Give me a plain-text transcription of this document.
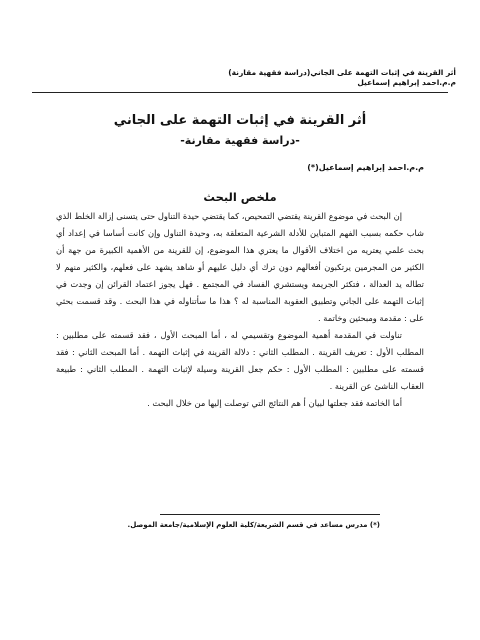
أثر القرينة في إثبات التهمة على الجاني(دراسة فقهية مقارنة)
م.م.احمد إبراهيم إسماعيل
أثر القرينة في إثبات التهمة على الجاني
-دراسة فقهية مقارنة-
م.م.احمد إبراهيم إسماعيل(*)
ملخص البحث

إن البحث في موضوع القرينة يقتضي التمحيص، كما يقتضي حيدة التناول حتى يتسنى إزالة الخلط الذي شاب حكمه بسبب الفهم المتباين للأدلة الشرعية المتعلقة به، وحيدة التناول وإن كانت أساسا في إعداد أي بحث علمي يعتريه من اختلاف الأقوال ما يعتري هذا الموضوع، إن للقرينة من الأهمية الكبيرة من جهة أن الكثير من المجرمين يرتكبون أفعالهم دون ترك أي دليل عليهم أو شاهد يشهد على فعلهم، والكثير منهم لا تطاله يد العدالة ، فتكثر الجريمة ويستشري الفساد في المجتمع . فهل يجوز اعتماد القرائن إن وجدت في إثبات التهمة على الجاني وتطبيق العقوبة المناسبة له ؟ هذا ما سأتناوله في هذا البحث . وقد قسمت بحثي على : مقدمة ومبحثين وخاتمة .

تناولت في المقدمة أهمية الموضوع وتقسيمي له ، أما المبحث الأول ، فقد قسمته على مطلبين : المطلب الأول : تعريف القرينة . المطلب الثاني : دلالة القرينة في إثبات التهمة . أما المبحث الثاني : فقد قسمته على مطلبين : المطلب الأول : حكم جعل القرينة وسيلة لإثبات التهمة . المطلب الثاني : طبيعة العقاب الناشئ عن القرينة .

أما الخاتمة فقد جعلتها لبيان أ هم النتائج التي توصلت إليها من خلال البحث .

(*) مدرس مساعد في قسم الشريعة/كلية العلوم الإسلامية/جامعة الموصل.
